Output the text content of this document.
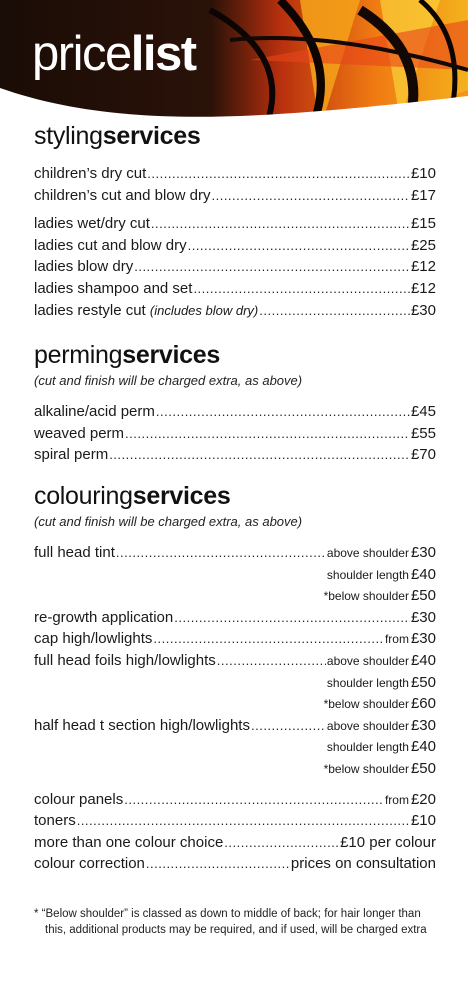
pricelist
stylingservices
children’s dry cut .....	£10
children’s cut and blow dry .....	£17
ladies wet/dry cut .....	£15
ladies cut and blow dry .....	£25
ladies blow dry .....	£12
ladies shampoo and set .....	£12
ladies restyle cut (includes blow dry) .....	£30
permingservices
(cut and finish will be charged extra, as above)
alkaline/acid perm .....	£45
weaved perm .....	£55
spiral perm .....	£70
colouringservices
(cut and finish will be charged extra, as above)
full head tint .....	above shoulder £30
shoulder length £40
*below shoulder £50
re-growth application .....	£30
cap high/lowlights .....	from £30
full head foils high/lowlights .....	above shoulder £40
shoulder length £50
*below shoulder £60
half head t section high/lowlights .....	above shoulder £30
shoulder length £40
*below shoulder £50
colour panels .....	from £20
toners .....	£10
more than one colour choice .....	£10 per colour
colour correction .....	prices on consultation
* “Below shoulder” is classed as down to middle of back; for hair longer than this, additional products may be required, and if used, will be charged extra
